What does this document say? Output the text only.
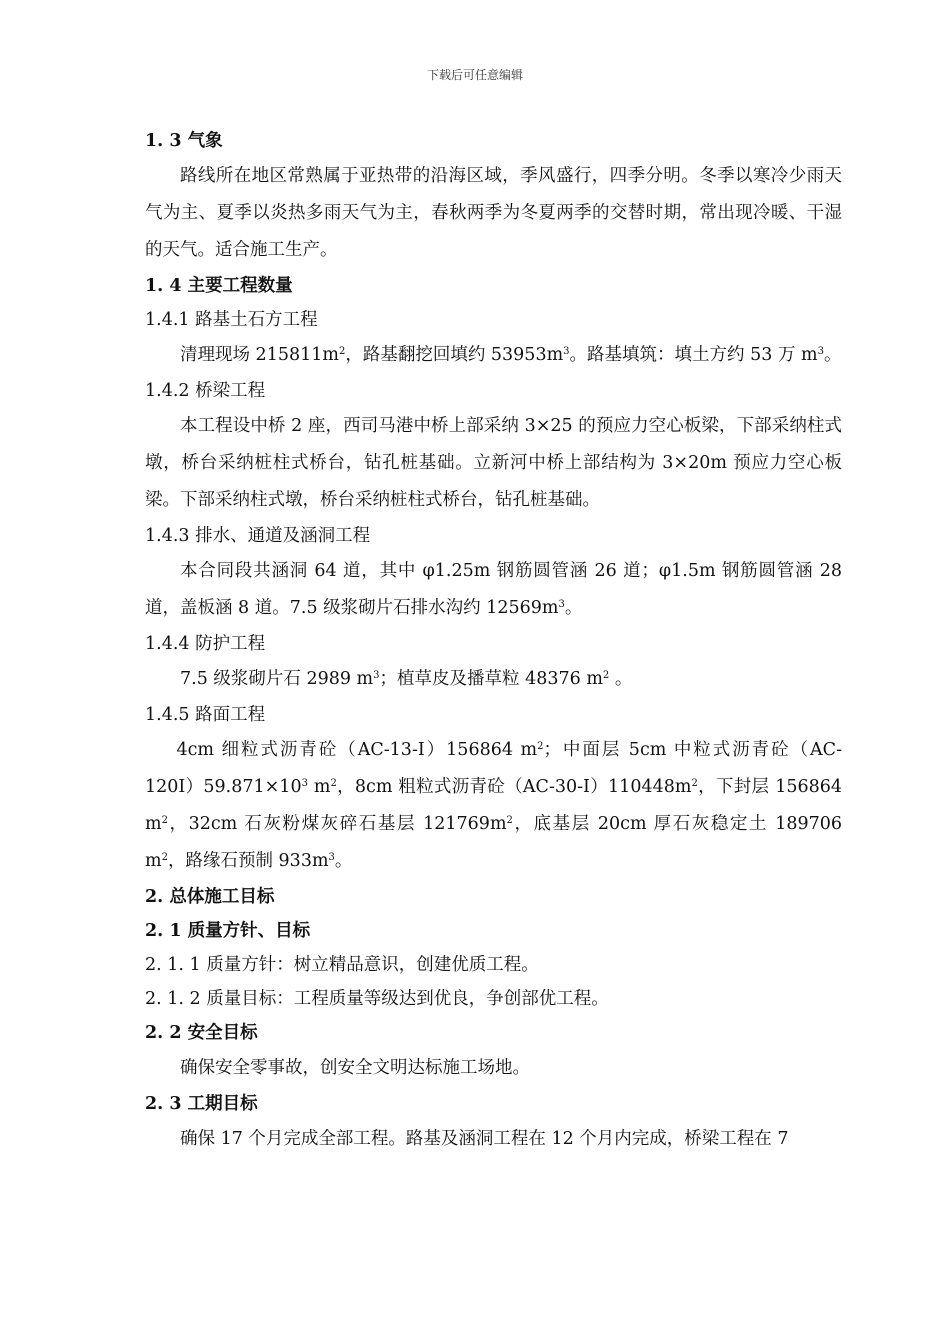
下载后可任意编辑

1. 3 气象

路线所在地区常熟属于亚热带的沿海区域，季风盛行，四季分明。冬季以寒冷少雨天气为主、夏季以炎热多雨天气为主，春秋两季为冬夏两季的交替时期，常出现冷暖、干湿的天气。适合施工生产。

1. 4 主要工程数量

1.4.1 路基土石方工程

清理现场 $215811m^2$，路基翻挖回填约 $53953m^3$。路基填筑：填土方约 53 万 $m^3$。

1.4.2 桥梁工程

本工程设中桥 2 座，西司马港中桥上部采纳 3×25 的预应力空心板梁，下部采纳柱式墩，桥台采纳桩柱式桥台，钻孔桩基础。立新河中桥上部结构为 3×20m 预应力空心板梁。下部采纳柱式墩，桥台采纳桩柱式桥台，钻孔桩基础。

1.4.3 排水、通道及涵洞工程

本合同段共涵洞 64 道，其中 φ1.25m 钢筋圆管涵 26 道；φ1.5m 钢筋圆管涵 28 道，盖板涵 8 道。7.5 级浆砌片石排水沟约 $12569m^3$。

1.4.4 防护工程

7.5 级浆砌片石 2989 $m^3$；植草皮及播草粒 48376 $m^2$ 。

1.4.5 路面工程

4cm 细粒式沥青砼（AC-13-I）156864 $m^2$；中面层 5cm 中粒式沥青砼$(AC-120I)59.871\times 10^3$ $m^2$，8cm 粗粒式沥青砼$(AC-30-I)110448m^2$，下封层 156864 $m^2$，32cm 石灰粉煤灰碎石基层 $121769m^2$，底基层 20cm 厚石灰稳定土 189706 $m^2$，路缘石预制 $933m^3$。

2. 总体施工目标

2. 1 质量方针、目标

2. 1. 1 质量方针：树立精品意识，创建优质工程。

2. 1. 2 质量目标：工程质量等级达到优良，争创部优工程。

2. 2 安全目标

确保安全零事故，创安全文明达标施工场地。

2. 3 工期目标

确保 17 个月完成全部工程。路基及涵洞工程在 12 个月内完成，桥梁工程在 7
